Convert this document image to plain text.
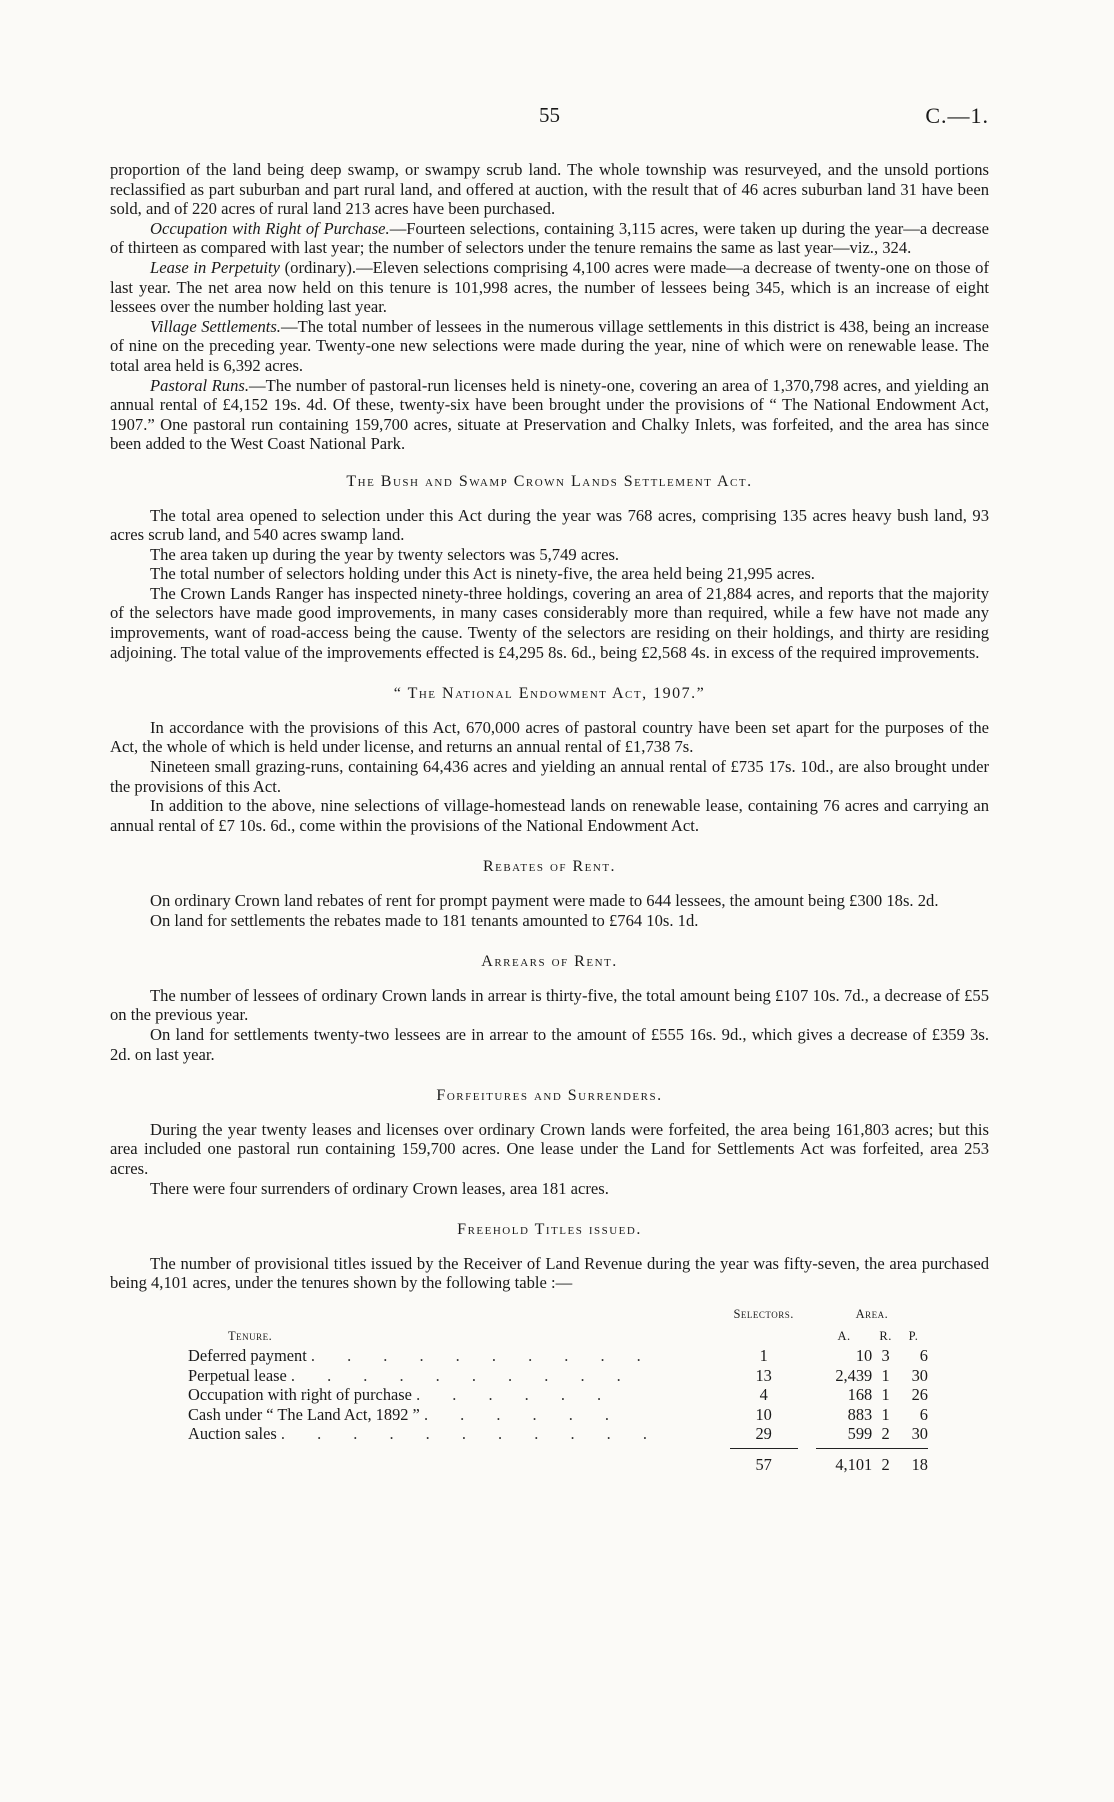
55	C.—1.

proportion of the land being deep swamp, or swampy scrub land. The whole township was resurveyed, and the unsold portions reclassified as part suburban and part rural land, and offered at auction, with the result that of 46 acres suburban land 31 have been sold, and of 220 acres of rural land 213 acres have been purchased.

Occupation with Right of Purchase.—Fourteen selections, containing 3,115 acres, were taken up during the year—a decrease of thirteen as compared with last year; the number of selectors under the tenure remains the same as last year—viz., 324.

Lease in Perpetuity (ordinary).—Eleven selections comprising 4,100 acres were made—a decrease of twenty-one on those of last year. The net area now held on this tenure is 101,998 acres, the number of lessees being 345, which is an increase of eight lessees over the number holding last year.

Village Settlements.—The total number of lessees in the numerous village settlements in this district is 438, being an increase of nine on the preceding year. Twenty-one new selections were made during the year, nine of which were on renewable lease. The total area held is 6,392 acres.

Pastoral Runs.—The number of pastoral-run licenses held is ninety-one, covering an area of 1,370,798 acres, and yielding an annual rental of £4,152 19s. 4d. Of these, twenty-six have been brought under the provisions of “ The National Endowment Act, 1907.” One pastoral run containing 159,700 acres, situate at Preservation and Chalky Inlets, was forfeited, and the area has since been added to the West Coast National Park.

The Bush and Swamp Crown Lands Settlement Act.

The total area opened to selection under this Act during the year was 768 acres, comprising 135 acres heavy bush land, 93 acres scrub land, and 540 acres swamp land.

The area taken up during the year by twenty selectors was 5,749 acres.

The total number of selectors holding under this Act is ninety-five, the area held being 21,995 acres.

The Crown Lands Ranger has inspected ninety-three holdings, covering an area of 21,884 acres, and reports that the majority of the selectors have made good improvements, in many cases considerably more than required, while a few have not made any improvements, want of road-access being the cause. Twenty of the selectors are residing on their holdings, and thirty are residing adjoining. The total value of the improvements effected is £4,295 8s. 6d., being £2,568 4s. in excess of the required improvements.

“ The National Endowment Act, 1907.”

In accordance with the provisions of this Act, 670,000 acres of pastoral country have been set apart for the purposes of the Act, the whole of which is held under license, and returns an annual rental of £1,738 7s.

Nineteen small grazing-runs, containing 64,436 acres and yielding an annual rental of £735 17s. 10d., are also brought under the provisions of this Act.

In addition to the above, nine selections of village-homestead lands on renewable lease, containing 76 acres and carrying an annual rental of £7 10s. 6d., come within the provisions of the National Endowment Act.

Rebates of Rent.

On ordinary Crown land rebates of rent for prompt payment were made to 644 lessees, the amount being £300 18s. 2d.

On land for settlements the rebates made to 181 tenants amounted to £764 10s. 1d.

Arrears of Rent.

The number of lessees of ordinary Crown lands in arrear is thirty-five, the total amount being £107 10s. 7d., a decrease of £55 on the previous year.

On land for settlements twenty-two lessees are in arrear to the amount of £555 16s. 9d., which gives a decrease of £359 3s. 2d. on last year.

Forfeitures and Surrenders.

During the year twenty leases and licenses over ordinary Crown lands were forfeited, the area being 161,803 acres; but this area included one pastoral run containing 159,700 acres. One lease under the Land for Settlements Act was forfeited, area 253 acres.

There were four surrenders of ordinary Crown leases, area 181 acres.

Freehold Titles issued.

The number of provisional titles issued by the Receiver of Land Revenue during the year was fifty-seven, the area purchased being 4,101 acres, under the tenures shown by the following table :—

Tenure.	Selectors.	Area.		
		A.	R.	P.
Deferred payment . . . . . . . . . .	1	10	3	6
Perpetual lease . . . . . . . . . .	13	2,439	1	30
Occupation with right of purchase . . . . . .	4	168	1	26
Cash under “ The Land Act, 1892 ” . . . . . .	10	883	1	6
Auction sales . . . . . . . . . . .	29	599	2	30

	57	4,101	2	18
